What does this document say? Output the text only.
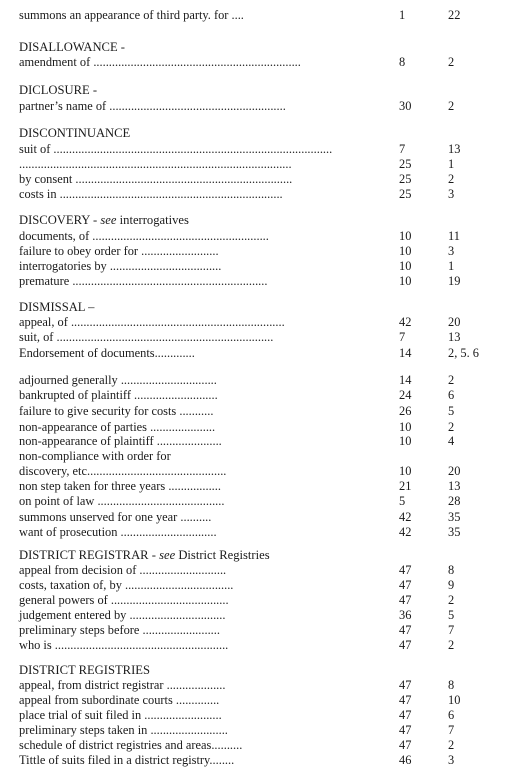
summons an appearance of third party. for ....	1	22
DISALLOWANCE -
amendment of ...................................................................	8	2
DICLOSURE -
partner’s name of .........................................................	30	2
DISCONTINUANCE
suit of ..........................................................................................	7	13
........................................................................................	25	1
by consent ......................................................................	25	2
costs in ........................................................................	25	3
DISCOVERY - see interrogatives
documents, of .........................................................	10	11
failure to obey order for .........................	10	3
interrogatories by ....................................	10	1
premature ...............................................................	10	19
DISMISSAL –
appeal, of .....................................................................	42	20
suit, of ......................................................................	7	13
Endorsement of documents.............	14	2, 5. 6
adjourned generally ...............................	14	2
bankrupted of plaintiff ...........................	24	6
failure to give security for costs ...........	26	5
non-appearance of parties .....................	10	2
non-appearance of plaintiff .....................	10	4
non-compliance with order for
discovery, etc.............................................	10	20
non step taken for three years .................	21	13
on point of law .........................................	5	28
summons unserved for one year ..........	42	35
want of prosecution ...............................	42	35
DISTRICT REGISTRAR - see District Registries
appeal from decision of ............................	47	8
costs, taxation of, by ...................................	47	9
general powers of ......................................	47	2
judgement entered by ...............................	36	5
preliminary steps before .........................	47	7
who is ........................................................	47	2
DISTRICT REGISTRIES
appeal, from district registrar ...................	47	8
appeal from subordinate courts ..............	47	10
place trial of suit filed in .........................	47	6
preliminary steps taken in .........................	47	7
schedule of district registries and areas..........	47	2
Tittle of suits filed in a district registry........	46	3
